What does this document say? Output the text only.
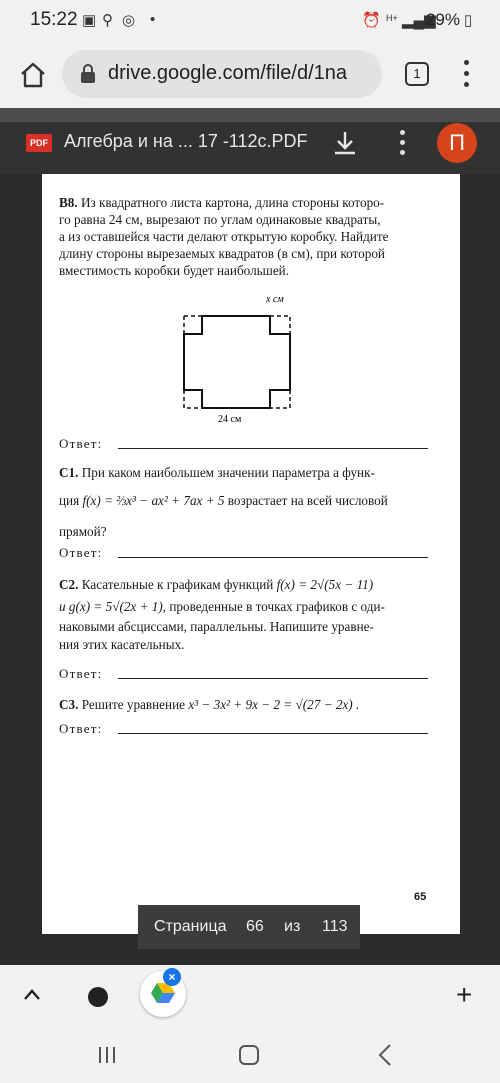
15:22 ▣ ⚲ ◎ •	⏰ H+ ▂▄▆
29% ▯
drive.google.com/file/d/1na	1
PDF Алгебра и на ... 17 -112с.PDF	П
B8. Из квадратного листа картона, длина стороны которо-
го равна 24 см, вырезают по углам одинаковые квадраты,
а из оставшейся части делают открытую коробку. Найдите
длину стороны вырезаемых квадратов (в см), при которой
вместимость коробки будет наибольшей.
x см
24 см
Ответ:
C1. При каком наибольшем значении параметра a функ-
ция f(x) = ⅔x³ − ax² + 7ax + 5 возрастает на всей числовой
прямой?
Ответ:
C2. Касательные к графикам функций f(x) = 2√(5x − 11)
и g(x) = 5√(2x + 1), проведенные в точках графиков с оди-
наковыми абсциссами, параллельны. Напишите уравне-
ния этих касательных.
Ответ:
C3. Решите уравнение x³ − 3x² + 9x − 2 = √(27 − 2x) .
Ответ:
65
Страница 66 из 113
×
+
